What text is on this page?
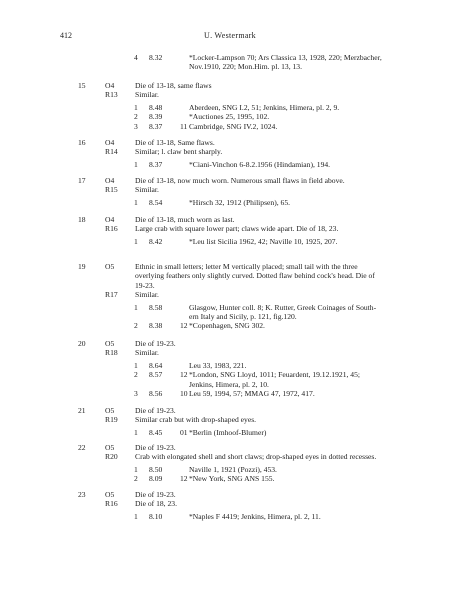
412	U. Westermark
4	8.32	*Locker-Lampson 70; Ars Classica 13, 1928, 220; Merzbacher,
Nov.1910, 220; Mon.Him. pl. 13, 13.
15	O4	Die of 13-18, same flaws
R13 Similar.
1	8.48	Aberdeen, SNG I.2, 51; Jenkins, Himera, pl. 2, 9.
2	8.39	*Auctiones 25, 1995, 102.
3	8.37 11 Cambridge, SNG IV.2, 1024.
16	O4	Die of 13-18, Same flaws.
R14 Similar; l. claw bent sharply.
1	8.37	*Ciani-Vinchon 6-8.2.1956 (Hindamian), 194.
17	O4	Die of 13-18, now much worn. Numerous small flaws in field above.
R15 Similar.
1	8.54	*Hirsch 32, 1912 (Philipsen), 65.
18	O4	Die of 13-18, much worn as last.
R16 Large crab with square lower part; claws wide apart. Die of 18, 23.
1	8.42	*Leu list Sicilia 1962, 42; Naville 10, 1925, 207.
19	O5	Ethnic in small letters; letter M vertically placed; small tail with the three
overlying feathers only slightly curved. Dotted flaw behind cock's head. Die of
19-23.
R17 Similar.
1	8.58	Glasgow, Hunter coll. 8; K. Rutter, Greek Coinages of South-
ern Italy and Sicily, p. 121, fig.120.
2	8.38 12 *Copenhagen, SNG 302.
20	O5	Die of 19-23.
R18 Similar.
1	8.64	Leu 33, 1983, 221.
2	8.57 12 *London, SNG Lloyd, 1011; Feuardent, 19.12.1921, 45;
Jenkins, Himera, pl. 2, 10.
3	8.56 10 Leu 59, 1994, 57; MMAG 47, 1972, 417.
21	O5	Die of 19-23.
R19 Similar crab but with drop-shaped eyes.
1	8.45 01 *Berlin (Imhoof-Blumer)
22	O5	Die of 19-23.
R20 Crab with elongated shell and short claws; drop-shaped eyes in dotted recesses.
1	8.50	Naville 1, 1921 (Pozzi), 453.
2	8.09 12 *New York, SNG ANS 155.
23	O5	Die of 19-23.
R16 Die of 18, 23.
1	8.10	*Naples F 4419; Jenkins, Himera, pl. 2, 11.
